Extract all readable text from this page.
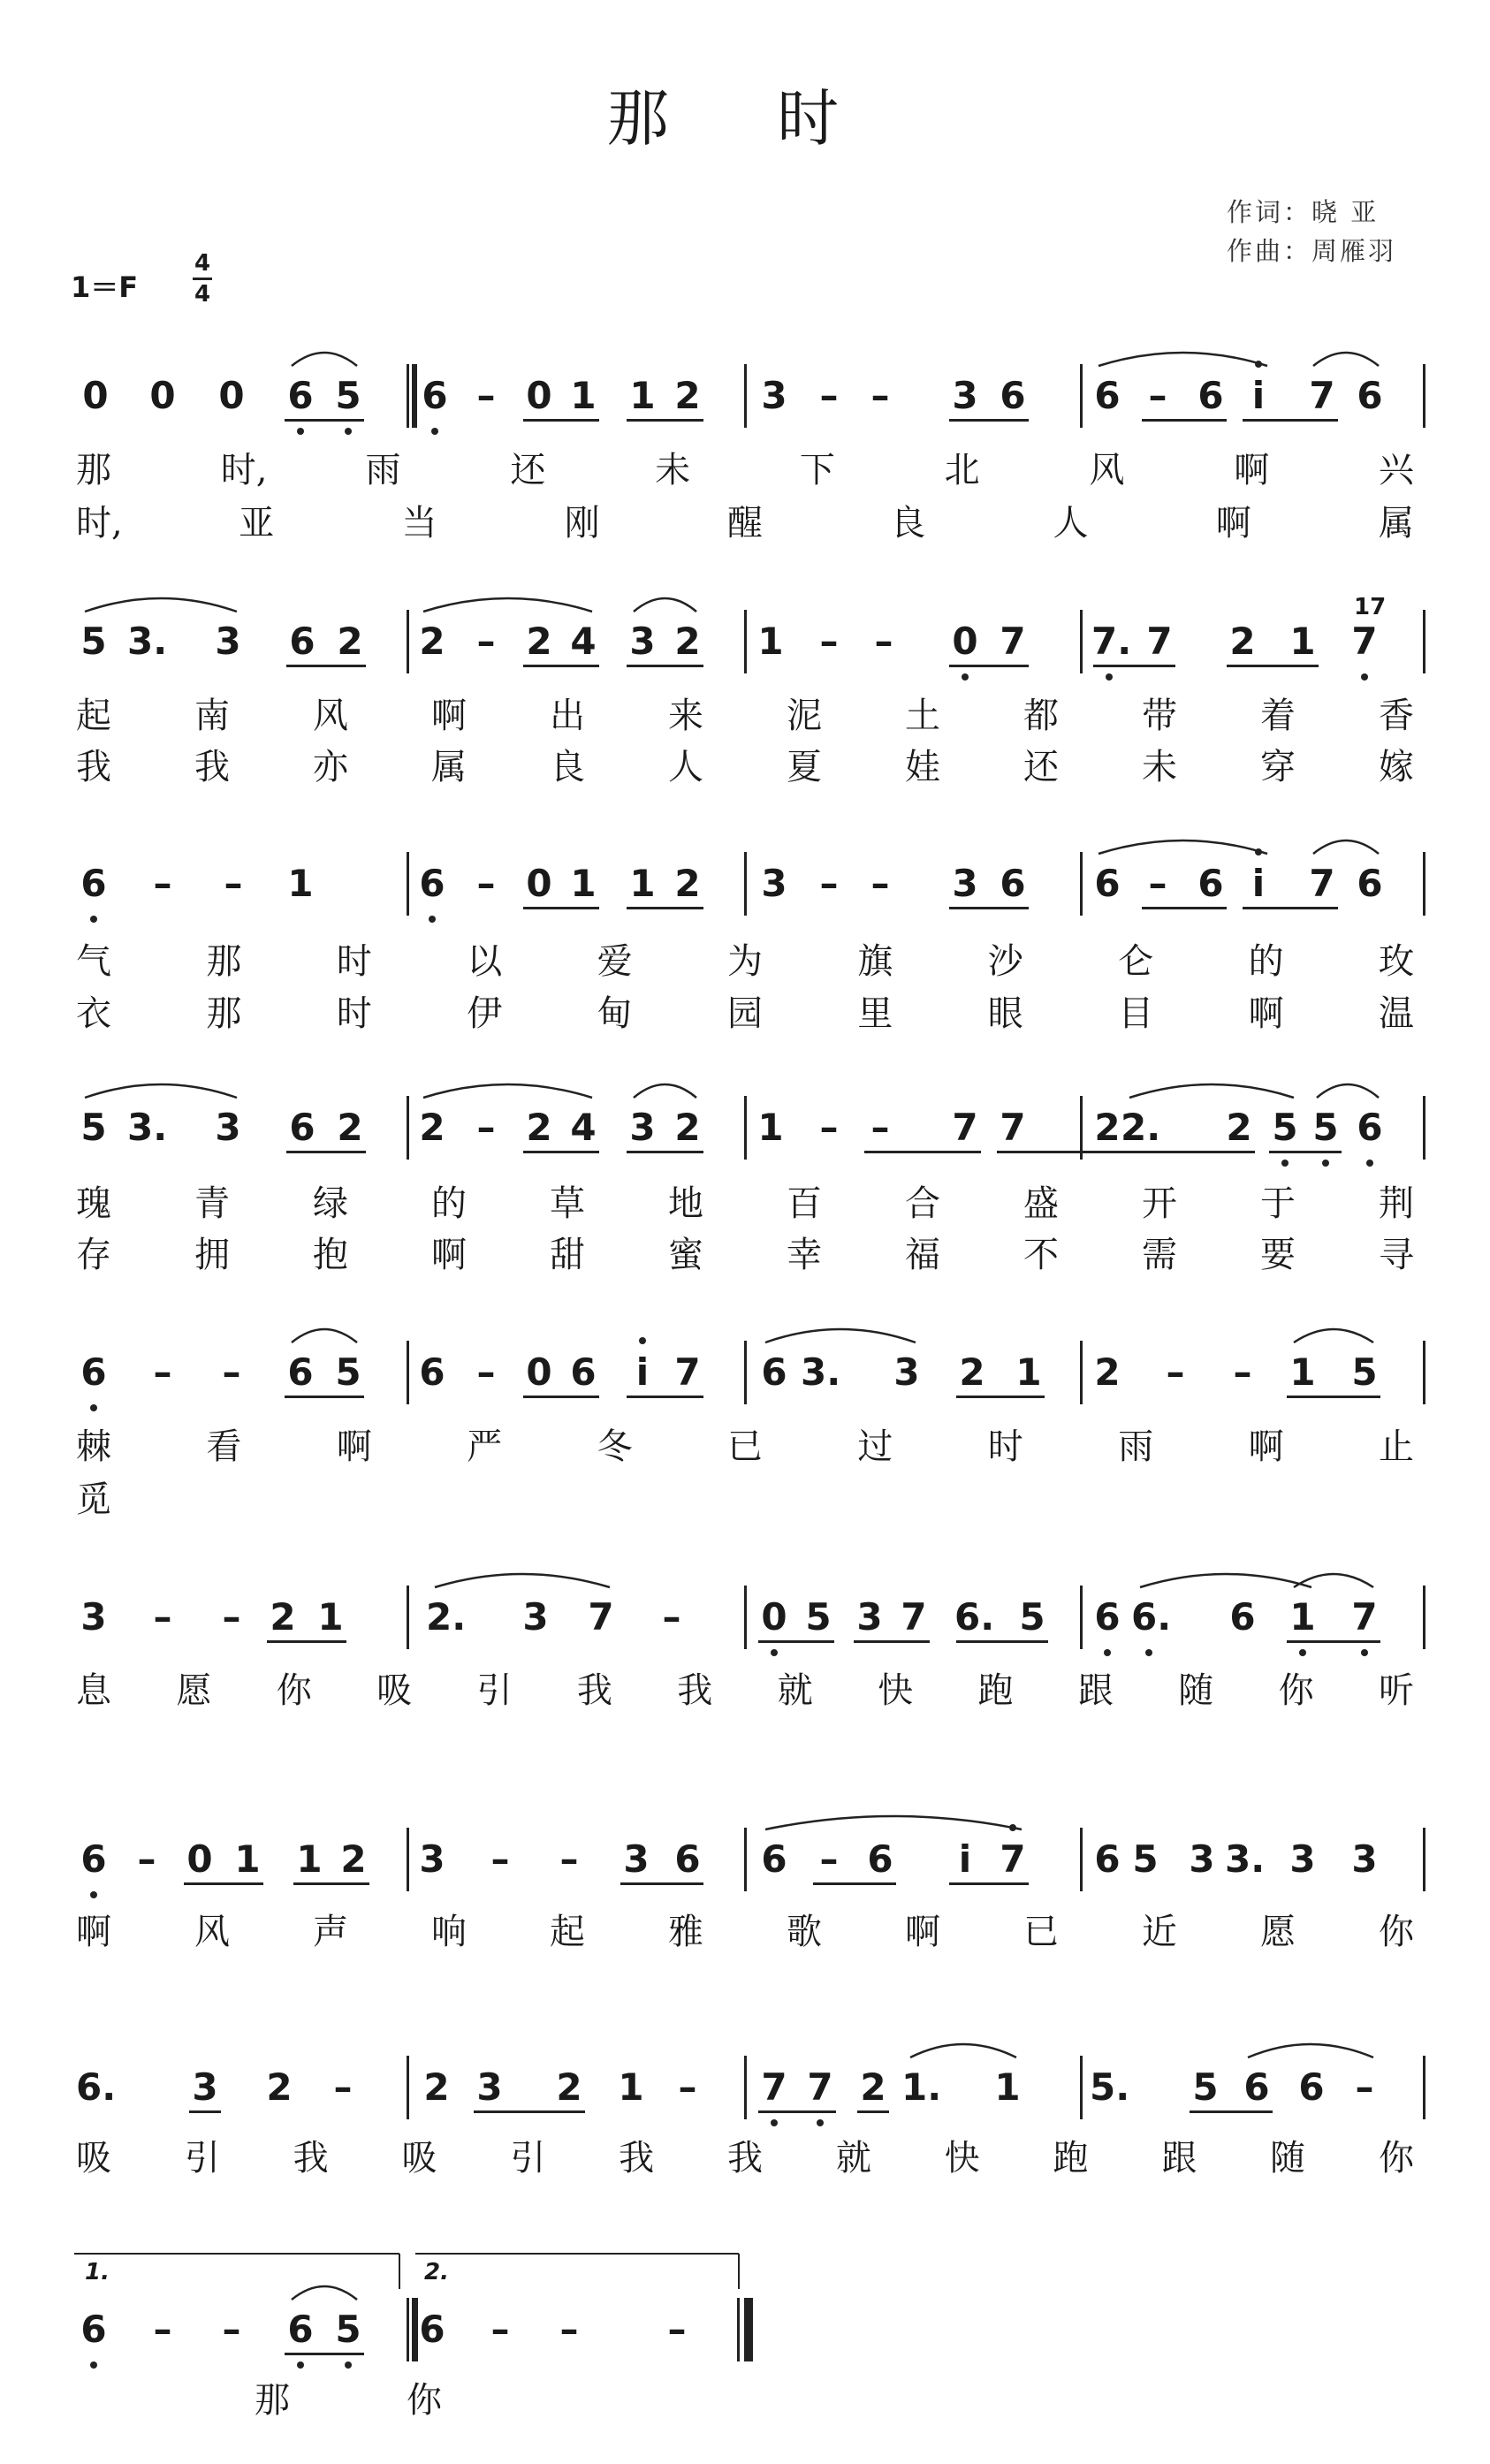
那 时
作词：晓 亚
作曲：周雁羽
1＝F
4
4
0 0 0 6 5 6 – 0 1 1 2 3 – – 3 6 6 – 6 i	7 6
那	时,	雨	还	未	下	北	风	啊	兴
时,	亚	当	刚	醒	良	人	啊	属
5 3. 3 6 2 2 – 2 4 3 2 1 – – 0 7 7. 7 2 1 7
起 南 风 啊 出 来 泥 土 都 带 着 香
我 我 亦 属 良 人 夏 娃 还 未 穿 嫁
6 – – 1	6 – 0 1 1 2 3 – – 3 6 6 – 6 i	7 6
气	那	时	以	爱	为	旗	沙	仑	的	玫
衣	那	时	伊	甸	园	里	眼	目	啊	温
5 3. 3 6 2 2 – 2 4 3 2 1 – – 7 7 2 2. 2 5 5 6
瑰 青 绿 的 草 地 百 合 盛 开 于 荆
存 拥 抱 啊 甜 蜜 幸 福 不 需 要 寻
6 – – 6 5 6 – 0 6	i 7 6 3. 3 2 1 2 – – 1 5
棘	看	啊	严	冬	已	过	时	雨	啊	止
觅
3 – – 2 1 2. 3 7 – 0 5 3 7 6. 5 6 6. 6 1 7
息 愿 你 吸 引 我 我 就 快 跑 跟 随 你 听
6 – 0 1 1 2 3 – – 3 6 6 – 6	i 7 6 5 3. 3 3
3
啊 风 声 响 起 雅 歌 啊 已 近 愿 你
6. 3 2 – 2 3 2 1 – 7 7 2 1. 1 5. 5 6 6 –
吸 引 我 吸 引 我 我 就 快 跑 跟 随 你
6 – – 6 5 6 – – –
那	你
1.	2.
17
